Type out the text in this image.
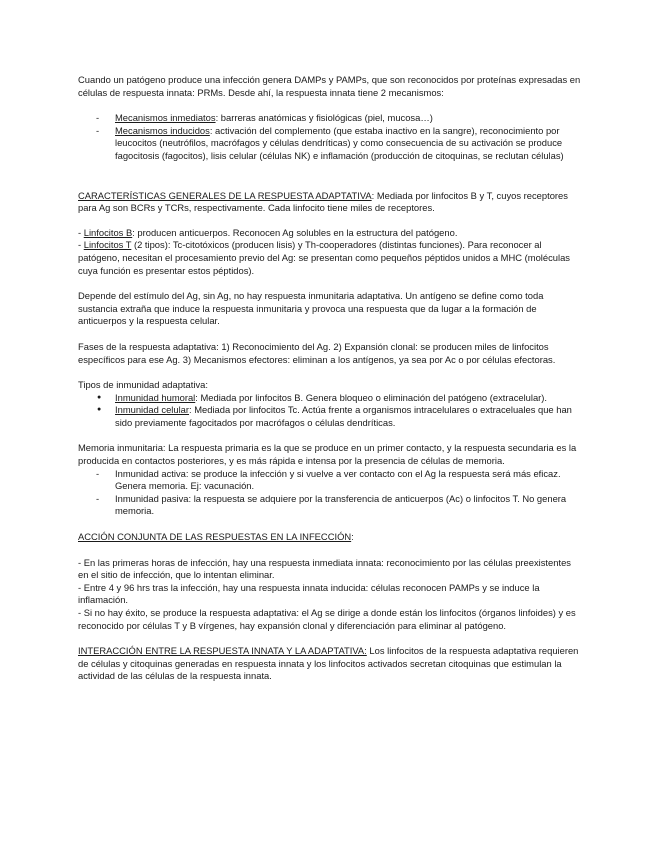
Cuando un patógeno produce una infección genera DAMPs y PAMPs, que son reconocidos por proteínas expresadas en células de respuesta innata: PRMs. Desde ahí, la respuesta innata tiene 2 mecanismos:

- Mecanismos inmediatos: barreras anatómicas y fisiológicas (piel, mucosa…)
- Mecanismos inducidos: activación del complemento (que estaba inactivo en la sangre), reconocimiento por leucocitos (neutrófilos, macrófagos y células dendríticas) y como consecuencia de su activación se produce fagocitosis (fagocitos), lisis celular (células NK) e inflamación (producción de citoquinas, se reclutan células)

CARACTERÍSTICAS GENERALES DE LA RESPUESTA ADAPTATIVA: Mediada por linfocitos B y T, cuyos receptores para Ag son BCRs y TCRs, respectivamente. Cada linfocito tiene miles de receptores.

- Linfocitos B: producen anticuerpos. Reconocen Ag solubles en la estructura del patógeno.

- Linfocitos T (2 tipos): Tc-citotóxicos (producen lisis) y Th-cooperadores (distintas funciones). Para reconocer al patógeno, necesitan el procesamiento previo del Ag: se presentan como pequeños péptidos unidos a MHC (moléculas cuya función es presentar estos péptidos).

Depende del estímulo del Ag, sin Ag, no hay respuesta inmunitaria adaptativa. Un antígeno se define como toda sustancia extraña que induce la respuesta inmunitaria y provoca una respuesta que da lugar a la formación de anticuerpos y la respuesta celular.

Fases de la respuesta adaptativa: 1) Reconocimiento del Ag. 2) Expansión clonal: se producen miles de linfocitos específicos para ese Ag. 3) Mecanismos efectores: eliminan a los antígenos, ya sea por Ac o por células efectoras.

Tipos de inmunidad adaptativa:

● Inmunidad humoral: Mediada por linfocitos B. Genera bloqueo o eliminación del patógeno (extracelular).
● Inmunidad celular: Mediada por linfocitos Tc. Actúa frente a organismos intracelulares o extraceluales que han sido previamente fagocitados por macrófagos o células dendríticas.

Memoria inmunitaria: La respuesta primaria es la que se produce en un primer contacto, y la respuesta secundaria es la producida en contactos posteriores, y es más rápida e intensa por la presencia de células de memoria.

- Inmunidad activa: se produce la infección y si vuelve a ver contacto con el Ag la respuesta será más eficaz. Genera memoria. Ej: vacunación.
- Inmunidad pasiva: la respuesta se adquiere por la transferencia de anticuerpos (Ac) o linfocitos T. No genera memoria.

ACCIÓN CONJUNTA DE LAS RESPUESTAS EN LA INFECCIÓN:

- En las primeras horas de infección, hay una respuesta inmediata innata: reconocimiento por las células preexistentes en el sitio de infección, que lo intentan eliminar.

- Entre 4 y 96 hrs tras la infección, hay una respuesta innata inducida: células reconocen PAMPs y se induce la inflamación.

- Si no hay éxito, se produce la respuesta adaptativa: el Ag se dirige a donde están los linfocitos (órganos linfoides) y es reconocido por células T y B vírgenes, hay expansión clonal y diferenciación para eliminar al patógeno.

INTERACCIÓN ENTRE LA RESPUESTA INNATA Y LA ADAPTATIVA: Los linfocitos de la respuesta adaptativa requieren de células y citoquinas generadas en respuesta innata y los linfocitos activados secretan citoquinas que estimulan la actividad de las células de la respuesta innata.
